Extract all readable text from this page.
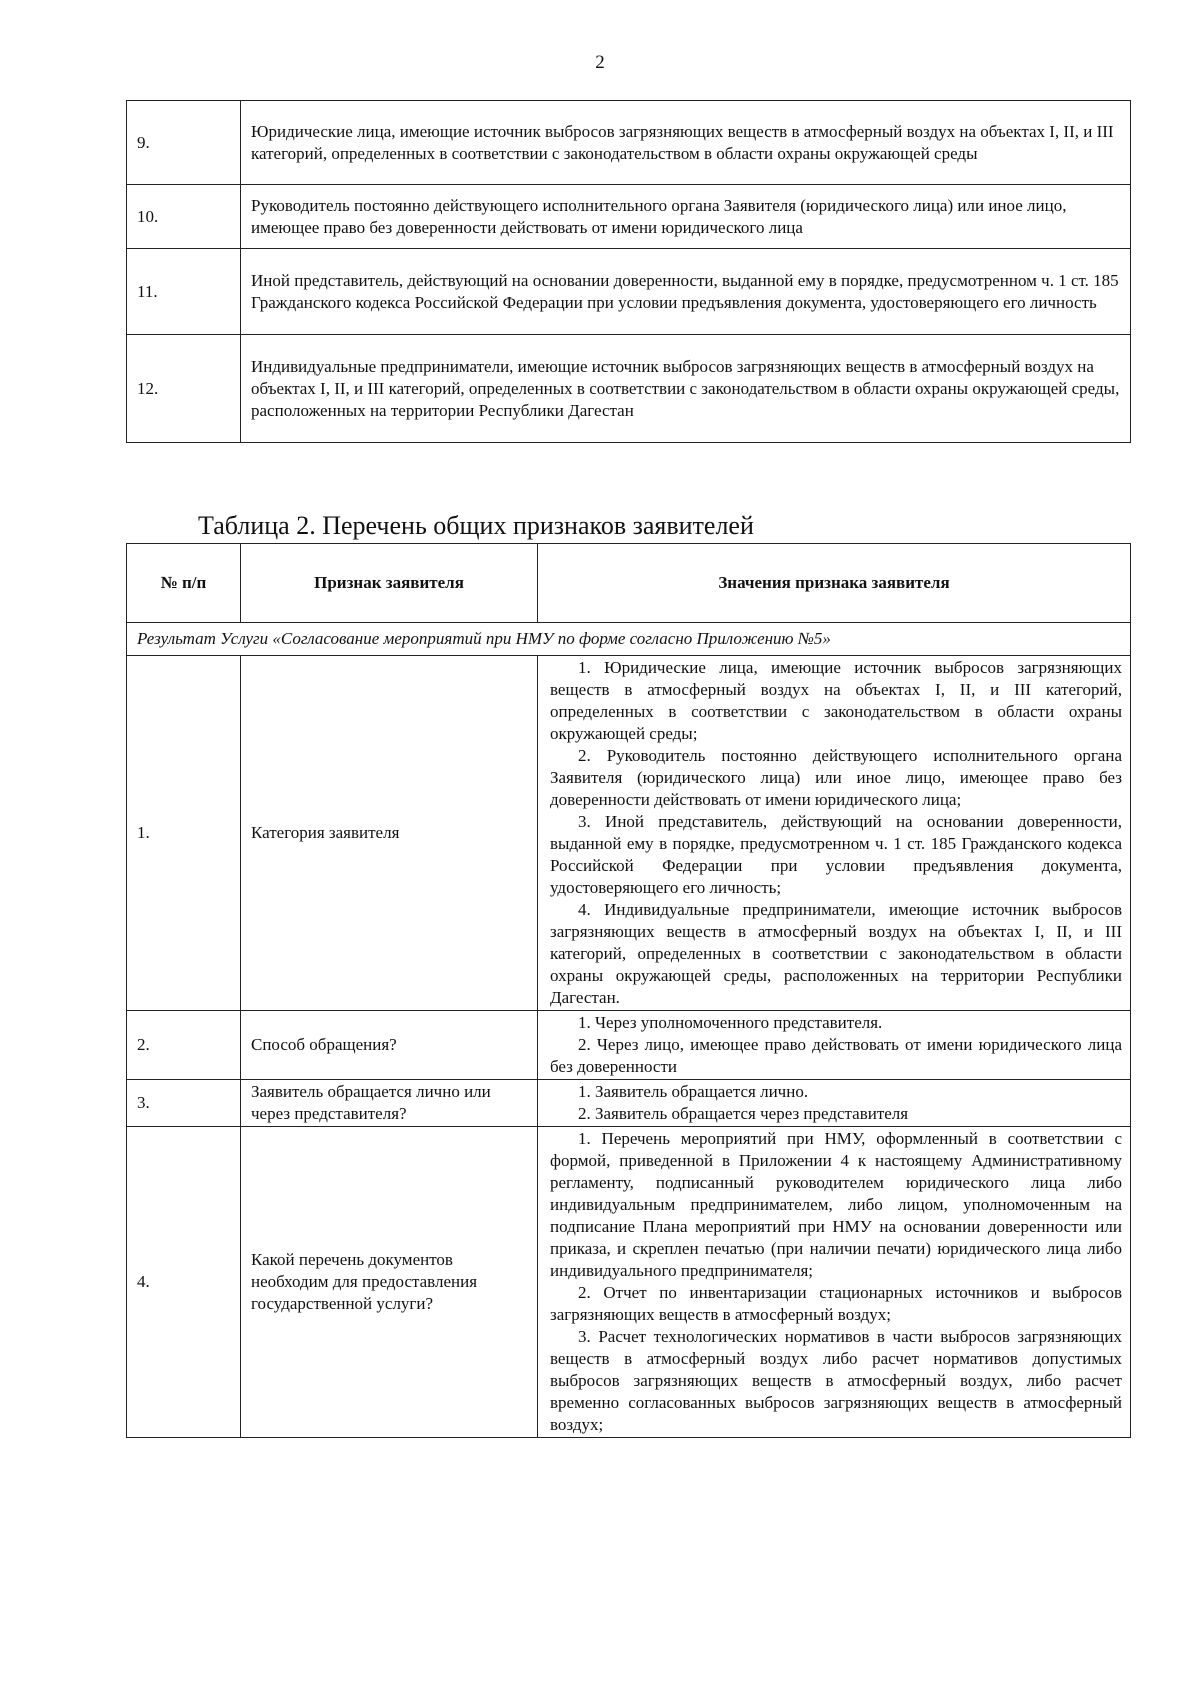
2
9.	Юридические лица, имеющие источник выбросов загрязняющих веществ в атмосферный воздух на объектах I, II, и III категорий, определенных в соответствии с законодательством в области охраны окружающей среды
10.	Руководитель постоянно действующего исполнительного органа Заявителя (юридического лица) или иное лицо, имеющее право без доверенности действовать от имени юридического лица
11.	Иной представитель, действующий на основании доверенности, выданной ему в порядке, предусмотренном ч. 1 ст. 185 Гражданского кодекса Российской Федерации при условии предъявления документа, удостоверяющего его личность
12.	Индивидуальные предприниматели, имеющие источник выбросов загрязняющих веществ в атмосферный воздух на объектах I, II, и III категорий, определенных в соответствии с законодательством в области охраны окружающей среды, расположенных на территории Республики Дагестан
Таблица 2. Перечень общих признаков заявителей
№ п/п	Признак заявителя	Значения признака заявителя
Результат Услуги «Согласование мероприятий при НМУ по форме согласно Приложению №5»		
1.	Категория заявителя	1. Юридические лица, имеющие источник выбросов загрязняющих веществ в атмосферный воздух на объектах I, II, и III категорий, определенных в соответствии с законодательством в области охраны окружающей среды;

2. Руководитель постоянно действующего исполнительного органа Заявителя (юридического лица) или иное лицо, имеющее право без доверенности действовать от имени юридического лица;

3. Иной представитель, действующий на основании доверенности, выданной ему в порядке, предусмотренном ч. 1 ст. 185 Гражданского кодекса Российской Федерации при условии предъявления документа, удостоверяющего его личность;

4. Индивидуальные предприниматели, имеющие источник выбросов загрязняющих веществ в атмосферный воздух на объектах I, II, и III категорий, определенных в соответствии с законодательством в области охраны окружающей среды, расположенных на территории Республики Дагестан.

2.	Способ обращения?	1. Через уполномоченного представителя.

2. Через лицо, имеющее право действовать от имени юридического лица без доверенности

3.	Заявитель обращается лично или через представителя?	1. Заявитель обращается лично.

2. Заявитель обращается через представителя

4.	Какой перечень документов необходим для предоставления государственной услуги?	1. Перечень мероприятий при НМУ, оформленный в соответствии с формой, приведенной в Приложении 4 к настоящему Административному регламенту, подписанный руководителем юридического лица либо индивидуальным предпринимателем, либо лицом, уполномоченным на подписание Плана мероприятий при НМУ на основании доверенности или приказа, и скреплен печатью (при наличии печати) юридического лица либо индивидуального предпринимателя;

2. Отчет по инвентаризации стационарных источников и выбросов загрязняющих веществ в атмосферный воздух;

3. Расчет технологических нормативов в части выбросов загрязняющих веществ в атмосферный воздух либо расчет нормативов допустимых выбросов загрязняющих веществ в атмосферный воздух, либо расчет временно согласованных выбросов загрязняющих веществ в атмосферный воздух;
